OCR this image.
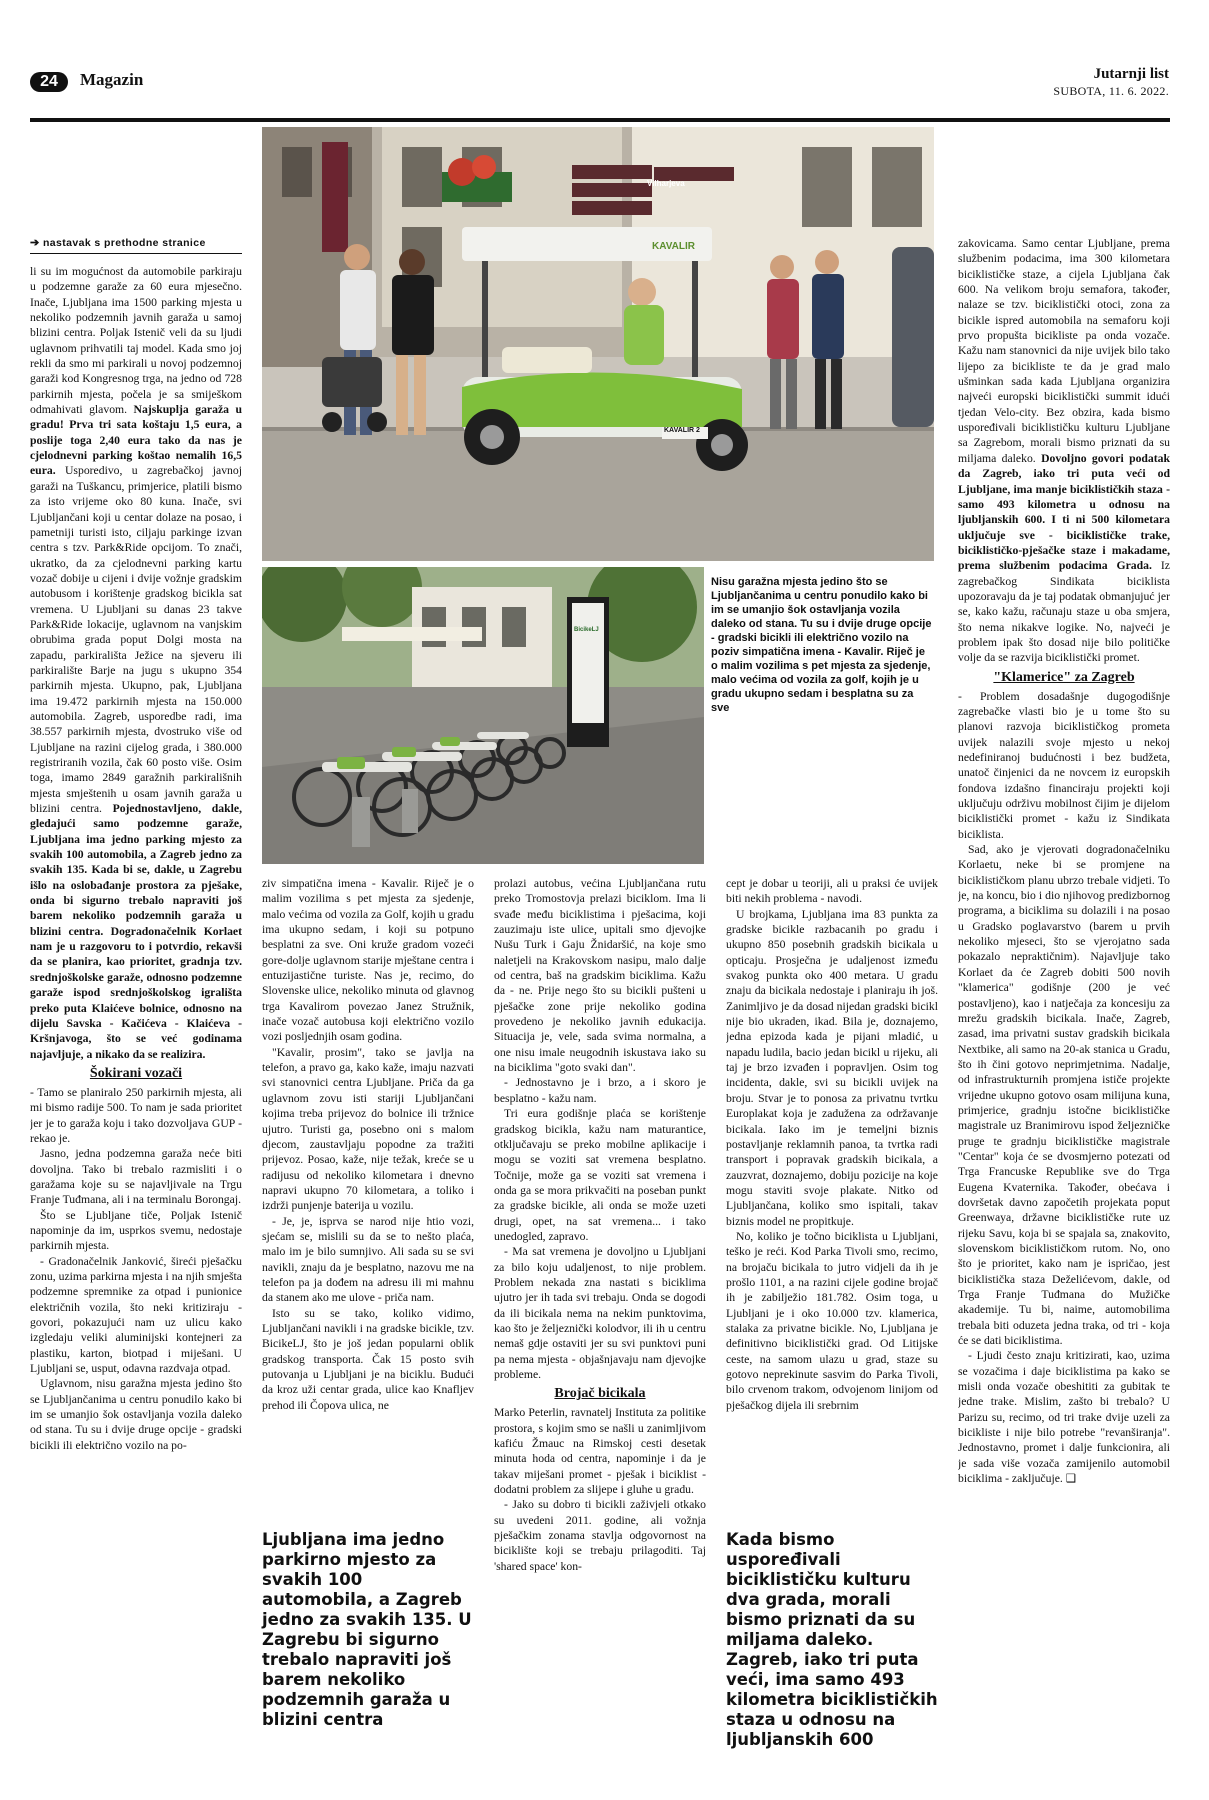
24	Magazin	Jutarnji list
SUBOTA, 11. 6. 2022.
Vilharjeva
KAVALIR
KAVALIR 2
BicikeLJ
Nisu garažna mjesta jedino što se Ljubljančanima u centru ponudilo kako bi im se umanjio šok ostavljanja vozila daleko od stana. Tu su i dvije druge opcije - gradski bicikli ili električno vozilo na poziv simpatična imena - Kavalir. Riječ je o malim vozilima s pet mjesta za sjedenje, malo većima od vozila za golf, kojih je u gradu ukupno sedam i besplatna su za sve
➔ nastavak s prethodne stranice

li su im mogućnost da automobile parkiraju u podzemne garaže za 60 eura mjesečno. Inače, Ljubljana ima 1500 parking mjesta u nekoliko podzemnih javnih garaža u samoj blizini centra. Poljak Istenič veli da su ljudi uglavnom prihvatili taj model. Kada smo joj rekli da smo mi parkirali u novoj podzemnoj garaži kod Kongresnog trga, na jedno od 728 parkirnih mjesta, počela je sa smiješkom odmahivati glavom. Najskuplja garaža u gradu! Prva tri sata koštaju 1,5 eura, a poslije toga 2,40 eura tako da nas je cjelodnevni parking koštao nemalih 16,5 eura. Usporedivo, u zagrebačkoj javnoj garaži na Tuškancu, primjerice, platili bismo za isto vrijeme oko 80 kuna. Inače, svi Ljubljančani koji u centar dolaze na posao, i pametniji turisti isto, ciljaju parkinge izvan centra s tzv. Park&Ride opcijom. To znači, ukratko, da za cjelodnevni parking kartu vozač dobije u cijeni i dvije vožnje gradskim autobusom i korištenje gradskog bicikla sat vremena. U Ljubljani su danas 23 takve Park&Ride lokacije, uglavnom na vanjskim obrubima grada poput Dolgi mosta na zapadu, parkirališta Ježice na sjeveru ili parkiralište Barje na jugu s ukupno 354 parkirnih mjesta. Ukupno, pak, Ljubljana ima 19.472 parkirnih mjesta na 150.000 automobila. Zagreb, usporedbe radi, ima 38.557 parkirnih mjesta, dvostruko više od Ljubljane na razini cijelog grada, i 380.000 registriranih vozila, čak 60 posto više. Osim toga, imamo 2849 garažnih parkirališnih mjesta smještenih u osam javnih garaža u blizini centra. Pojednostavljeno, dakle, gledajući samo podzemne garaže, Ljubljana ima jedno parking mjesto za svakih 100 automobila, a Zagreb jedno za svakih 135. Kada bi se, dakle, u Zagrebu išlo na oslobađanje prostora za pješake, onda bi sigurno trebalo napraviti još barem nekoliko podzemnih garaža u blizini centra. Dogradonačelnik Korlaet nam je u razgovoru to i potvrdio, rekavši da se planira, kao prioritet, gradnja tzv. srednjoškolske garaže, odnosno podzemne garaže ispod srednjoškolskog igrališta preko puta Klaićeve bolnice, odnosno na dijelu Savska - Kačićeva - Klaićeva - Kršnjavoga, što se već godinama najavljuje, a nikako da se realizira.

Šokirani vozači

- Tamo se planiralo 250 parkirnih mjesta, ali mi bismo radije 500. To nam je sada prioritet jer je to garaža koju i tako dozvoljava GUP - rekao je.

Jasno, jedna podzemna garaža neće biti dovoljna. Tako bi trebalo razmisliti i o garažama koje su se najavljivale na Trgu Franje Tuđmana, ali i na terminalu Borongaj.

Što se Ljubljane tiče, Poljak Istenič napominje da im, usprkos svemu, nedostaje parkirnih mjesta.

- Gradonačelnik Janković, šireći pješačku zonu, uzima parkirna mjesta i na njih smješta podzemne spremnike za otpad i punionice električnih vozila, što neki kritiziraju - govori, pokazujući nam uz ulicu kako izgledaju veliki aluminijski kontejneri za plastiku, karton, biotpad i miješani. U Ljubljani se, usput, odavna razdvaja otpad.

Uglavnom, nisu garažna mjesta jedino što se Ljubljančanima u centru ponudilo kako bi im se umanjio šok ostavljanja vozila daleko od stana. Tu su i dvije druge opcije - gradski bicikli ili električno vozilo na po-

ziv simpatična imena - Kavalir. Riječ je o malim vozilima s pet mjesta za sjedenje, malo većima od vozila za Golf, kojih u gradu ima ukupno sedam, i koji su potpuno besplatni za sve. Oni kruže gradom vozeći gore-dolje uglavnom starije mještane centra i entuzijastične turiste. Nas je, recimo, do Slovenske ulice, nekoliko minuta od glavnog trga Kavalirom povezao Janez Stružnik, inače vozač autobusa koji električno vozilo vozi posljednjih osam godina.

"Kavalir, prosim", tako se javlja na telefon, a pravo ga, kako kaže, imaju nazvati svi stanovnici centra Ljubljane. Priča da ga uglavnom zovu isti stariji Ljubljančani kojima treba prijevoz do bolnice ili tržnice ujutro. Turisti ga, posebno oni s malom djecom, zaustavljaju popodne za tražiti prijevoz. Posao, kaže, nije težak, kreće se u radijusu od nekoliko kilometara i dnevno napravi ukupno 70 kilometara, a toliko i izdrži punjenje baterija u vozilu.

- Je, je, isprva se narod nije htio vozi, sjećam se, mislili su da se to nešto plaća, malo im je bilo sumnjivo. Ali sada su se svi navikli, znaju da je besplatno, nazovu me na telefon pa ja dođem na adresu ili mi mahnu da stanem ako me ulove - priča nam.

Isto su se tako, koliko vidimo, Ljubljančani navikli i na gradske bicikle, tzv. BicikeLJ, što je još jedan popularni oblik gradskog transporta. Čak 15 posto svih putovanja u Ljubljani je na biciklu. Budući da kroz uži centar grada, ulice kao Knafljev prehod ili Čopova ulica, ne

Ljubljana ima jedno parkirno mjesto za svakih 100 automobila, a Zagreb jedno za svakih 135. U Zagrebu bi sigurno trebalo napraviti još barem nekoliko podzemnih garaža u blizini centra

prolazi autobus, većina Ljubljančana rutu preko Tromostovja prelazi biciklom. Ima li svađe među biciklistima i pješacima, koji zauzimaju iste ulice, upitali smo djevojke Nušu Turk i Gaju Žnidaršić, na koje smo naletjeli na Krakovskom nasipu, malo dalje od centra, baš na gradskim biciklima. Kažu da - ne. Prije nego što su bicikli pušteni u pješačke zone prije nekoliko godina provedeno je nekoliko javnih edukacija. Situacija je, vele, sada svima normalna, a one nisu imale neugodnih iskustava iako su na biciklima "goto svaki dan".

- Jednostavno je i brzo, a i skoro je besplatno - kažu nam.

Tri eura godišnje plaća se korištenje gradskog bicikla, kažu nam maturantice, otključavaju se preko mobilne aplikacije i mogu se voziti sat vremena besplatno. Točnije, može ga se voziti sat vremena i onda ga se mora prikvačiti na poseban punkt za gradske bicikle, ali onda se može uzeti drugi, opet, na sat vremena... i tako unedogled, zapravo.

- Ma sat vremena je dovoljno u Ljubljani za bilo koju udaljenost, to nije problem. Problem nekada zna nastati s biciklima ujutro jer ih tada svi trebaju. Onda se dogodi da ili bicikala nema na nekim punktovima, kao što je željeznički kolodvor, ili ih u centru nemaš gdje ostaviti jer su svi punktovi puni pa nema mjesta - objašnjavaju nam djevojke probleme.

Brojač bicikala

Marko Peterlin, ravnatelj Instituta za politike prostora, s kojim smo se našli u zanimljivom kafiću Žmauc na Rimskoj cesti desetak minuta hoda od centra, napominje i da je takav miješani promet - pješak i biciklist - dodatni problem za slijepe i gluhe u gradu.

- Jako su dobro ti bicikli zaživjeli otkako su uvedeni 2011. godine, ali vožnja pješačkim zonama stavlja odgovornost na biciklište koji se trebaju prilagoditi. Taj 'shared space' kon-

cept je dobar u teoriji, ali u praksi će uvijek biti nekih problema - navodi.

U brojkama, Ljubljana ima 83 punkta za gradske bicikle razbacanih po gradu i ukupno 850 posebnih gradskih bicikala u opticaju. Prosječna je udaljenost između svakog punkta oko 400 metara. U gradu znaju da bicikala nedostaje i planiraju ih još. Zanimljivo je da dosad nijedan gradski bicikl nije bio ukraden, ikad. Bila je, doznajemo, jedna epizoda kada je pijani mladić, u napadu ludila, bacio jedan bicikl u rijeku, ali taj je brzo izvađen i popravljen. Osim tog incidenta, dakle, svi su bicikli uvijek na broju. Stvar je to ponosa za privatnu tvrtku Europlakat koja je zadužena za održavanje bicikala. Iako im je temeljni biznis postavljanje reklamnih panoa, ta tvrtka radi transport i popravak gradskih bicikala, a zauzvrat, doznajemo, dobiju pozicije na koje mogu staviti svoje plakate. Nitko od Ljubljančana, koliko smo ispitali, takav biznis model ne propitkuje.

No, koliko je točno biciklista u Ljubljani, teško je reći. Kod Parka Tivoli smo, recimo, na brojaču bicikala to jutro vidjeli da ih je prošlo 1101, a na razini cijele godine brojač ih je zabilježio 181.782. Osim toga, u Ljubljani je i oko 10.000 tzv. klamerica, stalaka za privatne bicikle. No, Ljubljana je definitivno biciklistički grad. Od Litijske ceste, na samom ulazu u grad, staze su gotovo neprekinute sasvim do Parka Tivoli, bilo crvenom trakom, odvojenom linijom od pješačkog dijela ili srebrnim

Kada bismo uspoređivali biciklističku kulturu dva grada, morali bismo priznati da su miljama daleko. Zagreb, iako tri puta veći, ima samo 493 kilometra biciklističkih staza u odnosu na ljubljanskih 600

zakovicama. Samo centar Ljubljane, prema službenim podacima, ima 300 kilometara biciklističke staze, a cijela Ljubljana čak 600. Na velikom broju semafora, također, nalaze se tzv. biciklistički otoci, zona za bicikle ispred automobila na semaforu koji prvo propušta bicikliste pa onda vozače. Kažu nam stanovnici da nije uvijek bilo tako lijepo za bicikliste te da je grad malo ušminkan sada kada Ljubljana organizira najveći europski biciklistički summit idući tjedan Velo-city. Bez obzira, kada bismo uspoređivali biciklističku kulturu Ljubljane sa Zagrebom, morali bismo priznati da su miljama daleko. Dovoljno govori podatak da Zagreb, iako tri puta veći od Ljubljane, ima manje biciklističkih staza - samo 493 kilometra u odnosu na ljubljanskih 600. I ti ni 500 kilometara uključuje sve - biciklističke trake, biciklističko-pješačke staze i makadame, prema službenim podacima Grada. Iz zagrebačkog Sindikata biciklista upozoravaju da je taj podatak obmanjujuć jer se, kako kažu, računaju staze u oba smjera, što nema nikakve logike. No, najveći je problem ipak što dosad nije bilo političke volje da se razvija biciklistički promet.

"Klamerice" za Zagreb

- Problem dosadašnje dugogodišnje zagrebačke vlasti bio je u tome što su planovi razvoja biciklističkog prometa uvijek nalazili svoje mjesto u nekoj nedefiniranoj budućnosti i bez budžeta, unatoč činjenici da ne novcem iz europskih fondova izdašno financiraju projekti koji uključuju održivu mobilnost čijim je dijelom biciklistički promet - kažu iz Sindikata biciklista.

Sad, ako je vjerovati dogradonačelniku Korlaetu, neke bi se promjene na biciklističkom planu ubrzo trebale vidjeti. To je, na koncu, bio i dio njihovog predizbornog programa, a biciklima su dolazili i na posao u Gradsko poglavarstvo (barem u prvih nekoliko mjeseci, što se vjerojatno sada pokazalo nepraktičnim). Najavljuje tako Korlaet da će Zagreb dobiti 500 novih "klamerica" godišnje (200 je već postavljeno), kao i natječaja za koncesiju za mrežu gradskih bicikala. Inače, Zagreb, zasad, ima privatni sustav gradskih bicikala Nextbike, ali samo na 20-ak stanica u Gradu, što ih čini gotovo neprimjetnima. Nadalje, od infrastrukturnih promjena ističe projekte vrijedne ukupno gotovo osam milijuna kuna, primjerice, gradnju istočne biciklističke magistrale uz Branimirovu ispod željezničke pruge te gradnju biciklističke magistrale "Centar" koja će se dvosmjerno potezati od Trga Francuske Republike sve do Trga Eugena Kvaternika. Također, obećava i dovršetak davno započetih projekata poput Greenwaya, državne biciklističke rute uz rijeku Savu, koja bi se spajala sa, znakovito, slovenskom biciklističkom rutom. No, ono što je prioritet, kako nam je ispričao, jest biciklistička staza Deželićevom, dakle, od Trga Franje Tuđmana do Mužičke akademije. Tu bi, naime, automobilima trebala biti oduzeta jedna traka, od tri - koja će se dati biciklistima.

- Ljudi često znaju kritizirati, kao, uzima se vozačima i daje biciklistima pa kako se misli onda vozače obeshititi za gubitak te jedne trake. Mislim, zašto bi trebalo? U Parizu su, recimo, od tri trake dvije uzeli za bicikliste i nije bilo potrebe "revanširanja". Jednostavno, promet i dalje funkcionira, ali je sada više vozača zamijenilo automobil biciklima - zaključuje. ❑
